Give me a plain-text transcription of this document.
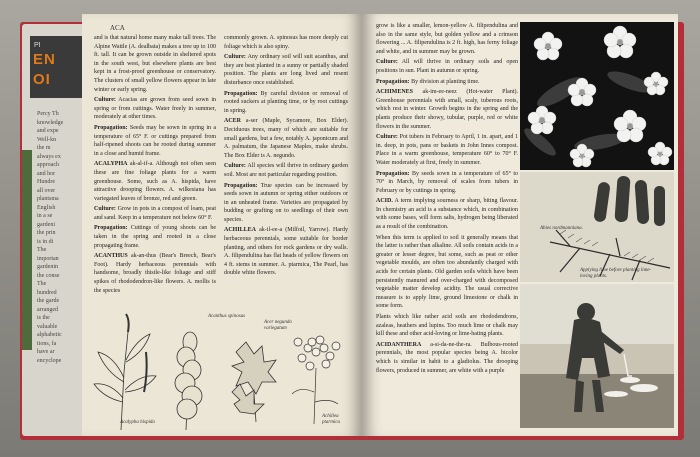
PI
EN
OI
Percy Th
knowledge
and expe
Well-kn
the m
always ex
approach
and hor
Hundre
all over
plantsma
English
in a se
gardeni
the prin
is in di
The
importan
gardenin
the conse
The
hundred
the garde
arranged
is the
valuable
alphabetic
tions, fa
have ar
encyclope
ACA

and is that natural home many make tall trees. The Alpine Wattle (A. dealbata) makes a tree up to 100 ft. tall. It can be grown outside in sheltered spots in the south west, but elsewhere plants are best kept in a frost-proof greenhouse or conservatory. The clusters of small yellow flowers appear in late winter or early spring.

Culture: Acacias are grown from seed sown in spring or from cuttings. Water freely in summer, moderately at other times.

Propagation: Seeds may be sown in spring in a temperature of 65° F. or cuttings prepared from half-ripened shoots can be rooted during summer in a close and humid frame.

ACALYPHA ak-al-if-a. Although not often seen these are fine foliage plants for a warm greenhouse. Some, such as A. hispida, have attractive drooping flowers. A. wilkesiana has variegated leaves of bronze, red and green.

Culture: Grow in pots in a compost of loam, peat and sand. Keep in a temperature not below 60° F.

Propagation: Cuttings of young shoots can be taken in the spring and rooted in a close propagating frame.

ACANTHUS ak-an-thus (Bear's Breech, Bear's Foot). Hardy herbaceous perennials with handsome, broadly thistle-like foliage and stiff spikes of rhododendron-like flowers. A. mollis is the species

commonly grown. A. spinosus has more deeply cut foliage which is also spiny.

Culture: Any ordinary soil will suit acanthus, and they are best planted in a sunny or partially shaded position. The plants are long lived and resent disturbance once established.

Propagation: By careful division or removal of rooted suckers at planting time, or by root cuttings in spring.

ACER a-ser (Maple, Sycamore, Box Elder). Deciduous trees, many of which are suitable for small gardens, but a few, notably A. japonicum and A. palmatum, the Japanese Maples, make shrubs. The Box Elder is A. negundo.

Culture: All species will thrive in ordinary garden soil. Most are not particular regarding position.

Propagation: True species can be increased by seeds sown in autumn or spring either outdoors or in an unheated frame. Varieties are propagated by budding or grafting on to seedlings of their own species.

ACHILLEA ak-il-ee-a (Milfoil, Yarrow). Hardy herbaceous perennials, some suitable for border planting, and others for rock gardens or dry walls. A. filipendulina has flat heads of yellow flowers on 4 ft. stems in summer. A. ptarmica, The Pearl, has double white flowers.

Acalypha hispida
Acanthus spinosus
Acer negundo variegatum
Achillea ptarmica

grow is like a smaller, lemon-yellow A. filipendulina and also in the same style, but golden yellow and a crimson flowering ... A. filipendulina is 2 ft. high, has ferny foliage and white, and in summer may be grown.

Culture: All will thrive in ordinary soils and open positions in sun. Plant in autumn or spring.

Propagation: By division at planting time.

ACHIMENES ak-im-ee-neez (Hot-water Plant). Greenhouse perennials with small, scaly, tuberous roots, which rest in winter. Growth begins in the spring and the plants produce their showy, tubular, purple, red or white flowers in the summer.

Culture: Pot tubers in February to April, 1 in. apart, and 1 in. deep, in pots, pans or baskets in John Innes compost. Place in a warm greenhouse, temperature 60° to 70° F. Water moderately at first, freely in summer.

Propagation: By seeds sown in a temperature of 65° to 70° in March, by removal of scales from tubers in February or by cuttings in spring.

ACID. A term implying sourness or sharp, biting flavour. In chemistry an acid is a substance which, in combination with some bases, will form salts, hydrogen being liberated as a result of the combination.

When this term is applied to soil it generally means that the latter is rather than alkaline. All soils contain acids in a greater or lesser degree, but some, such as peat or other vegetable moulds, are often too abundantly charged with acids for certain plants. Old garden soils which have been persistently manured and over-charged with decomposed vegetable matter develop acidity. The usual corrective measure is to apply lime, ground limestone or chalk in some form.

Plants which like rather acid soils are rhododendrons, azaleas, heathers and lupins. Too much lime or chalk may kill these and other acid-loving or lime-hating plants.

ACIDANTHERA a-si-da-ne-the-ra. Bulbous-rooted perennials, the most popular species being A. bicolor which is similar in habit to a gladiolus. The drooping flowers, produced in summer, are white with a purple

Abies nordmanniana.
Applying lime before planting lime-loving plants.
